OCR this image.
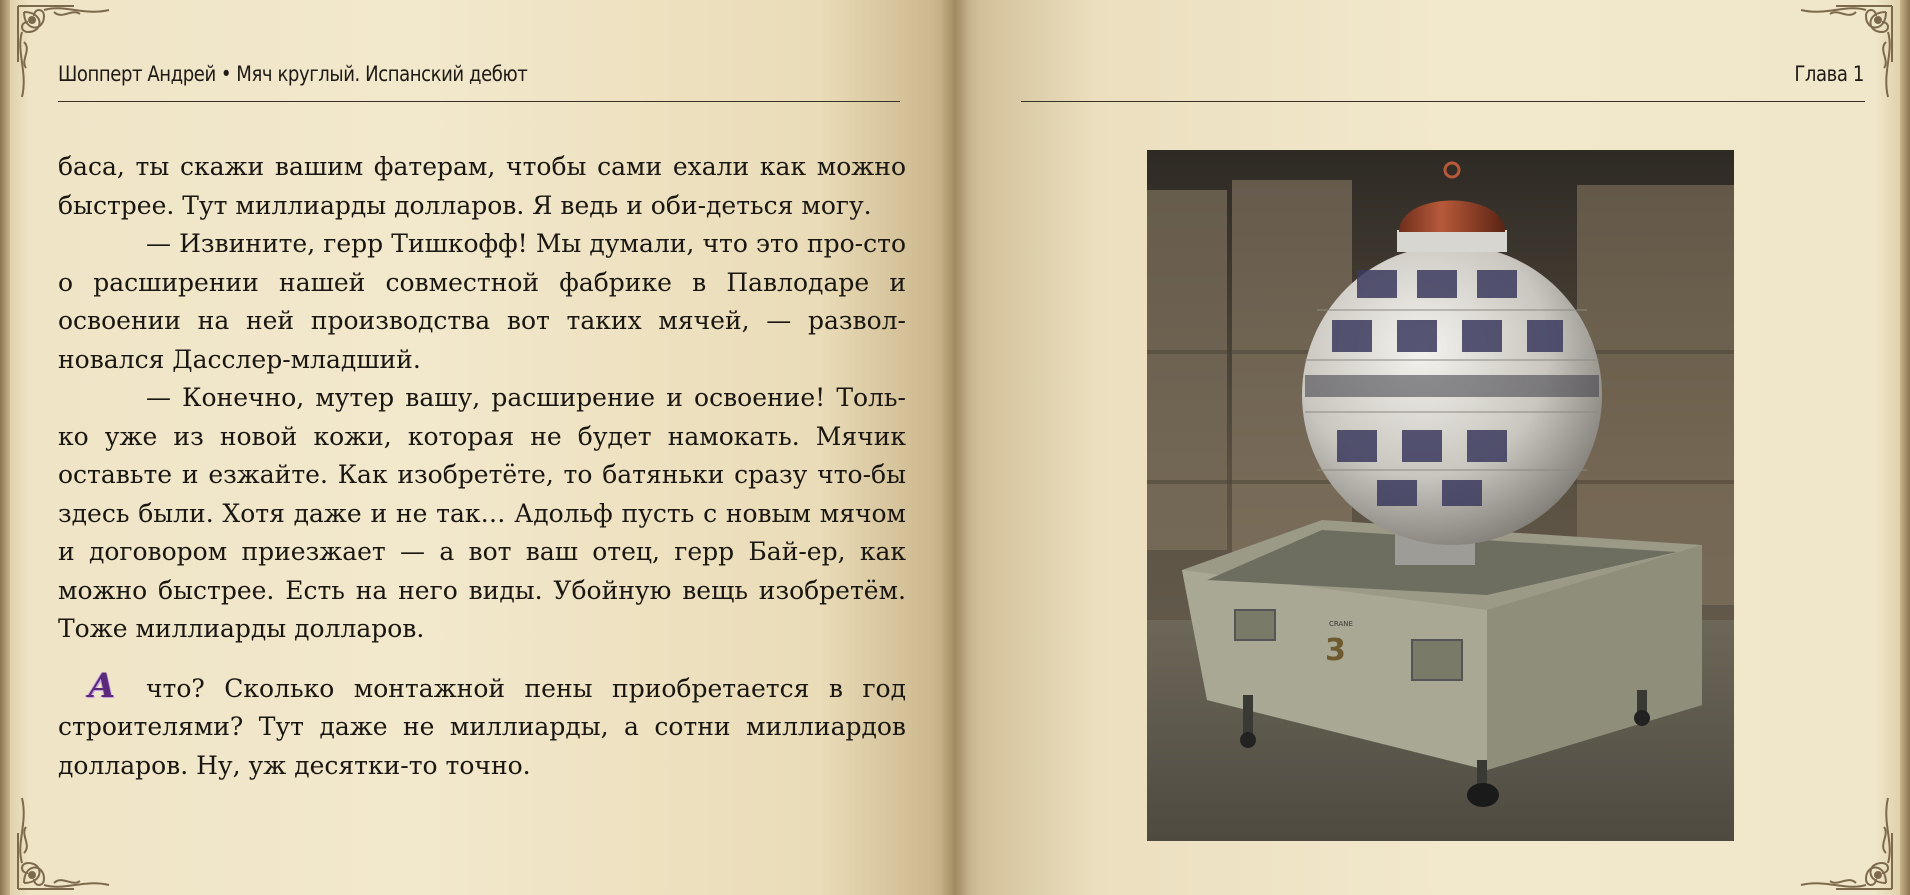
Шопперт Андрей • Мяч круглый. Испанский дебют	Глава 1

баса, ты скажи вашим фатерам, чтобы сами ехали как можно быстрее. Тут миллиарды долларов. Я ведь и оби-деться могу.

— Извините, герр Тишкофф! Мы думали, что это про-сто о расширении нашей совместной фабрике в Павлодаре и освоении на ней производства вот таких мячей, — развол-новался Дасслер-младший.

— Конечно, мутер вашу, расширение и освоение! Толь-ко уже из новой кожи, которая не будет намокать. Мячик оставьте и езжайте. Как изобретёте, то батяньки сразу что-бы здесь были. Хотя даже и не так… Адольф пусть с новым мячом и договором приезжает — а вот ваш отец, герр Бай-ер, как можно быстрее. Есть на него виды. Убойную вещь изобретём. Тоже миллиарды долларов.

А что? Сколько монтажной пены приобретается в год строителями? Тут даже не миллиарды, а сотни миллиардов долларов. Ну, уж десятки-то точно.

3
CRANE
